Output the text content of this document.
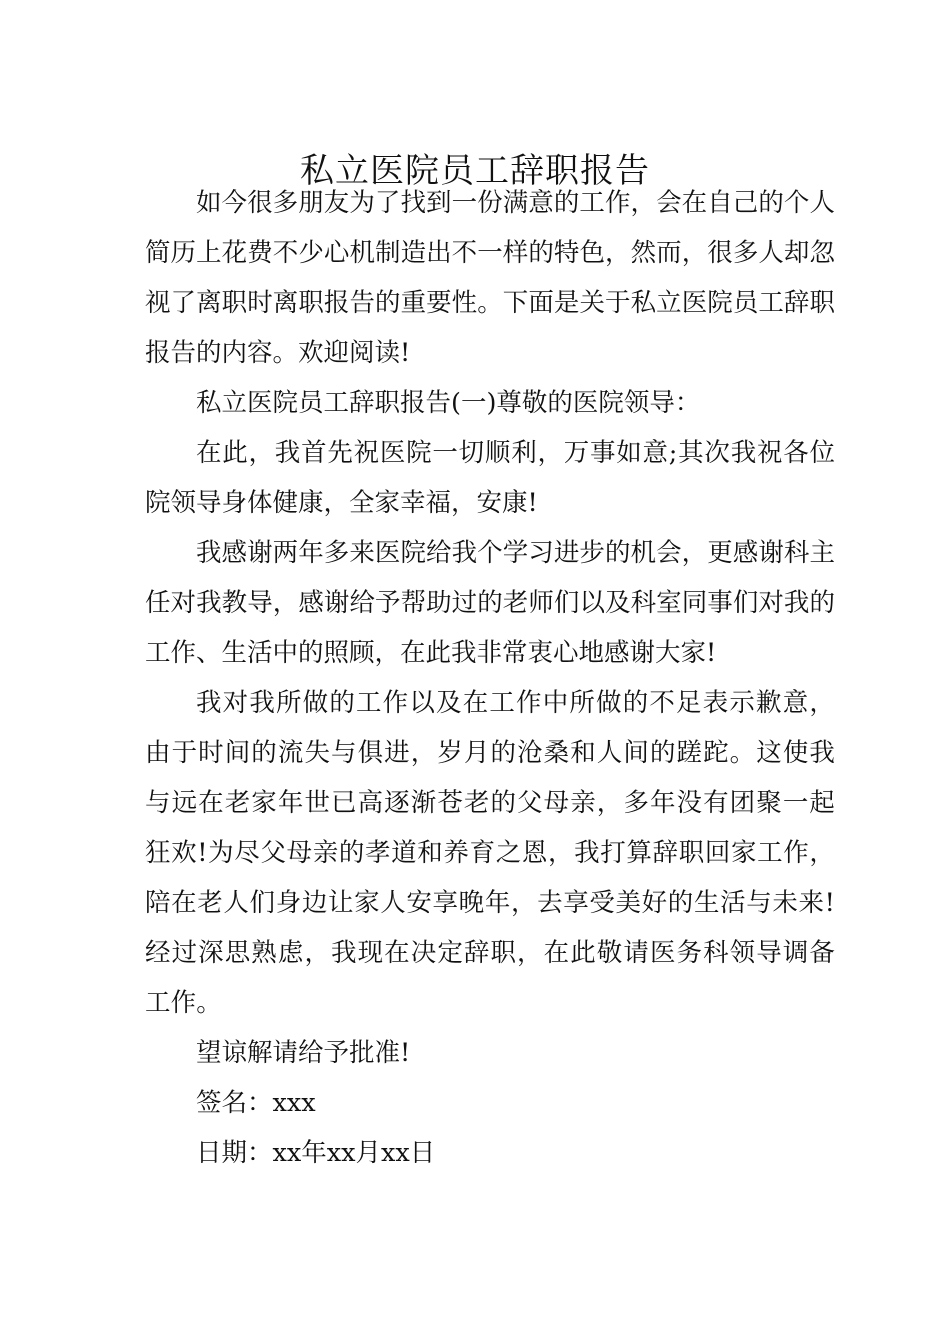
私立医院员工辞职报告

如今很多朋友为了找到一份满意的工作，会在自己的个人简历上花费不少心机制造出不一样的特色，然而，很多人却忽视了离职时离职报告的重要性。下面是关于私立医院员工辞职报告的内容。欢迎阅读!

私立医院员工辞职报告(一)尊敬的医院领导：

在此，我首先祝医院一切顺利，万事如意;其次我祝各位院领导身体健康，全家幸福，安康!

我感谢两年多来医院给我个学习进步的机会，更感谢科主任对我教导，感谢给予帮助过的老师们以及科室同事们对我的工作、生活中的照顾，在此我非常衷心地感谢大家!

我对我所做的工作以及在工作中所做的不足表示歉意，由于时间的流失与俱进，岁月的沧桑和人间的蹉跎。这使我与远在老家年世已高逐渐苍老的父母亲，多年没有团聚一起狂欢!为尽父母亲的孝道和养育之恩，我打算辞职回家工作，陪在老人们身边让家人安享晚年，去享受美好的生活与未来!经过深思熟虑，我现在决定辞职，在此敬请医务科领导调备工作。

望谅解请给予批准!

签名：xxx

日期：xx年xx月xx日
